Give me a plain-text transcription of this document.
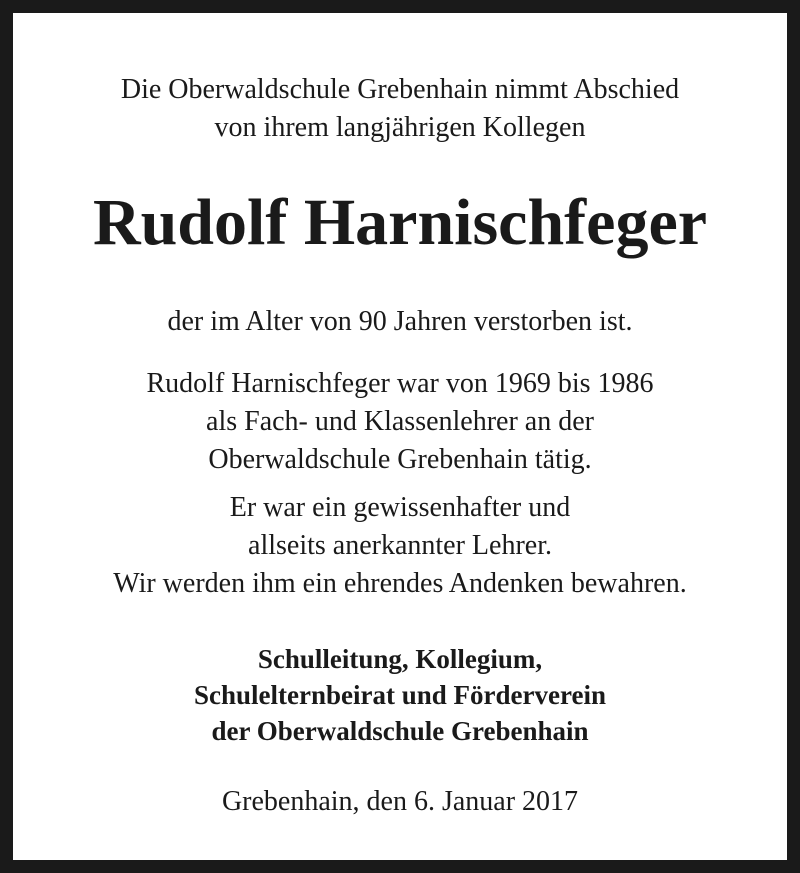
Die Oberwaldschule Grebenhain nimmt Abschied
von ihrem langjährigen Kollegen
Rudolf Harnischfeger
der im Alter von 90 Jahren verstorben ist.
Rudolf Harnischfeger war von 1969 bis 1986
als Fach- und Klassenlehrer an der
Oberwaldschule Grebenhain tätig.
Er war ein gewissenhafter und
allseits anerkannter Lehrer.
Wir werden ihm ein ehrendes Andenken bewahren.
Schulleitung, Kollegium,
Schulelternbeirat und Förderverein
der Oberwaldschule Grebenhain
Grebenhain, den 6. Januar 2017
